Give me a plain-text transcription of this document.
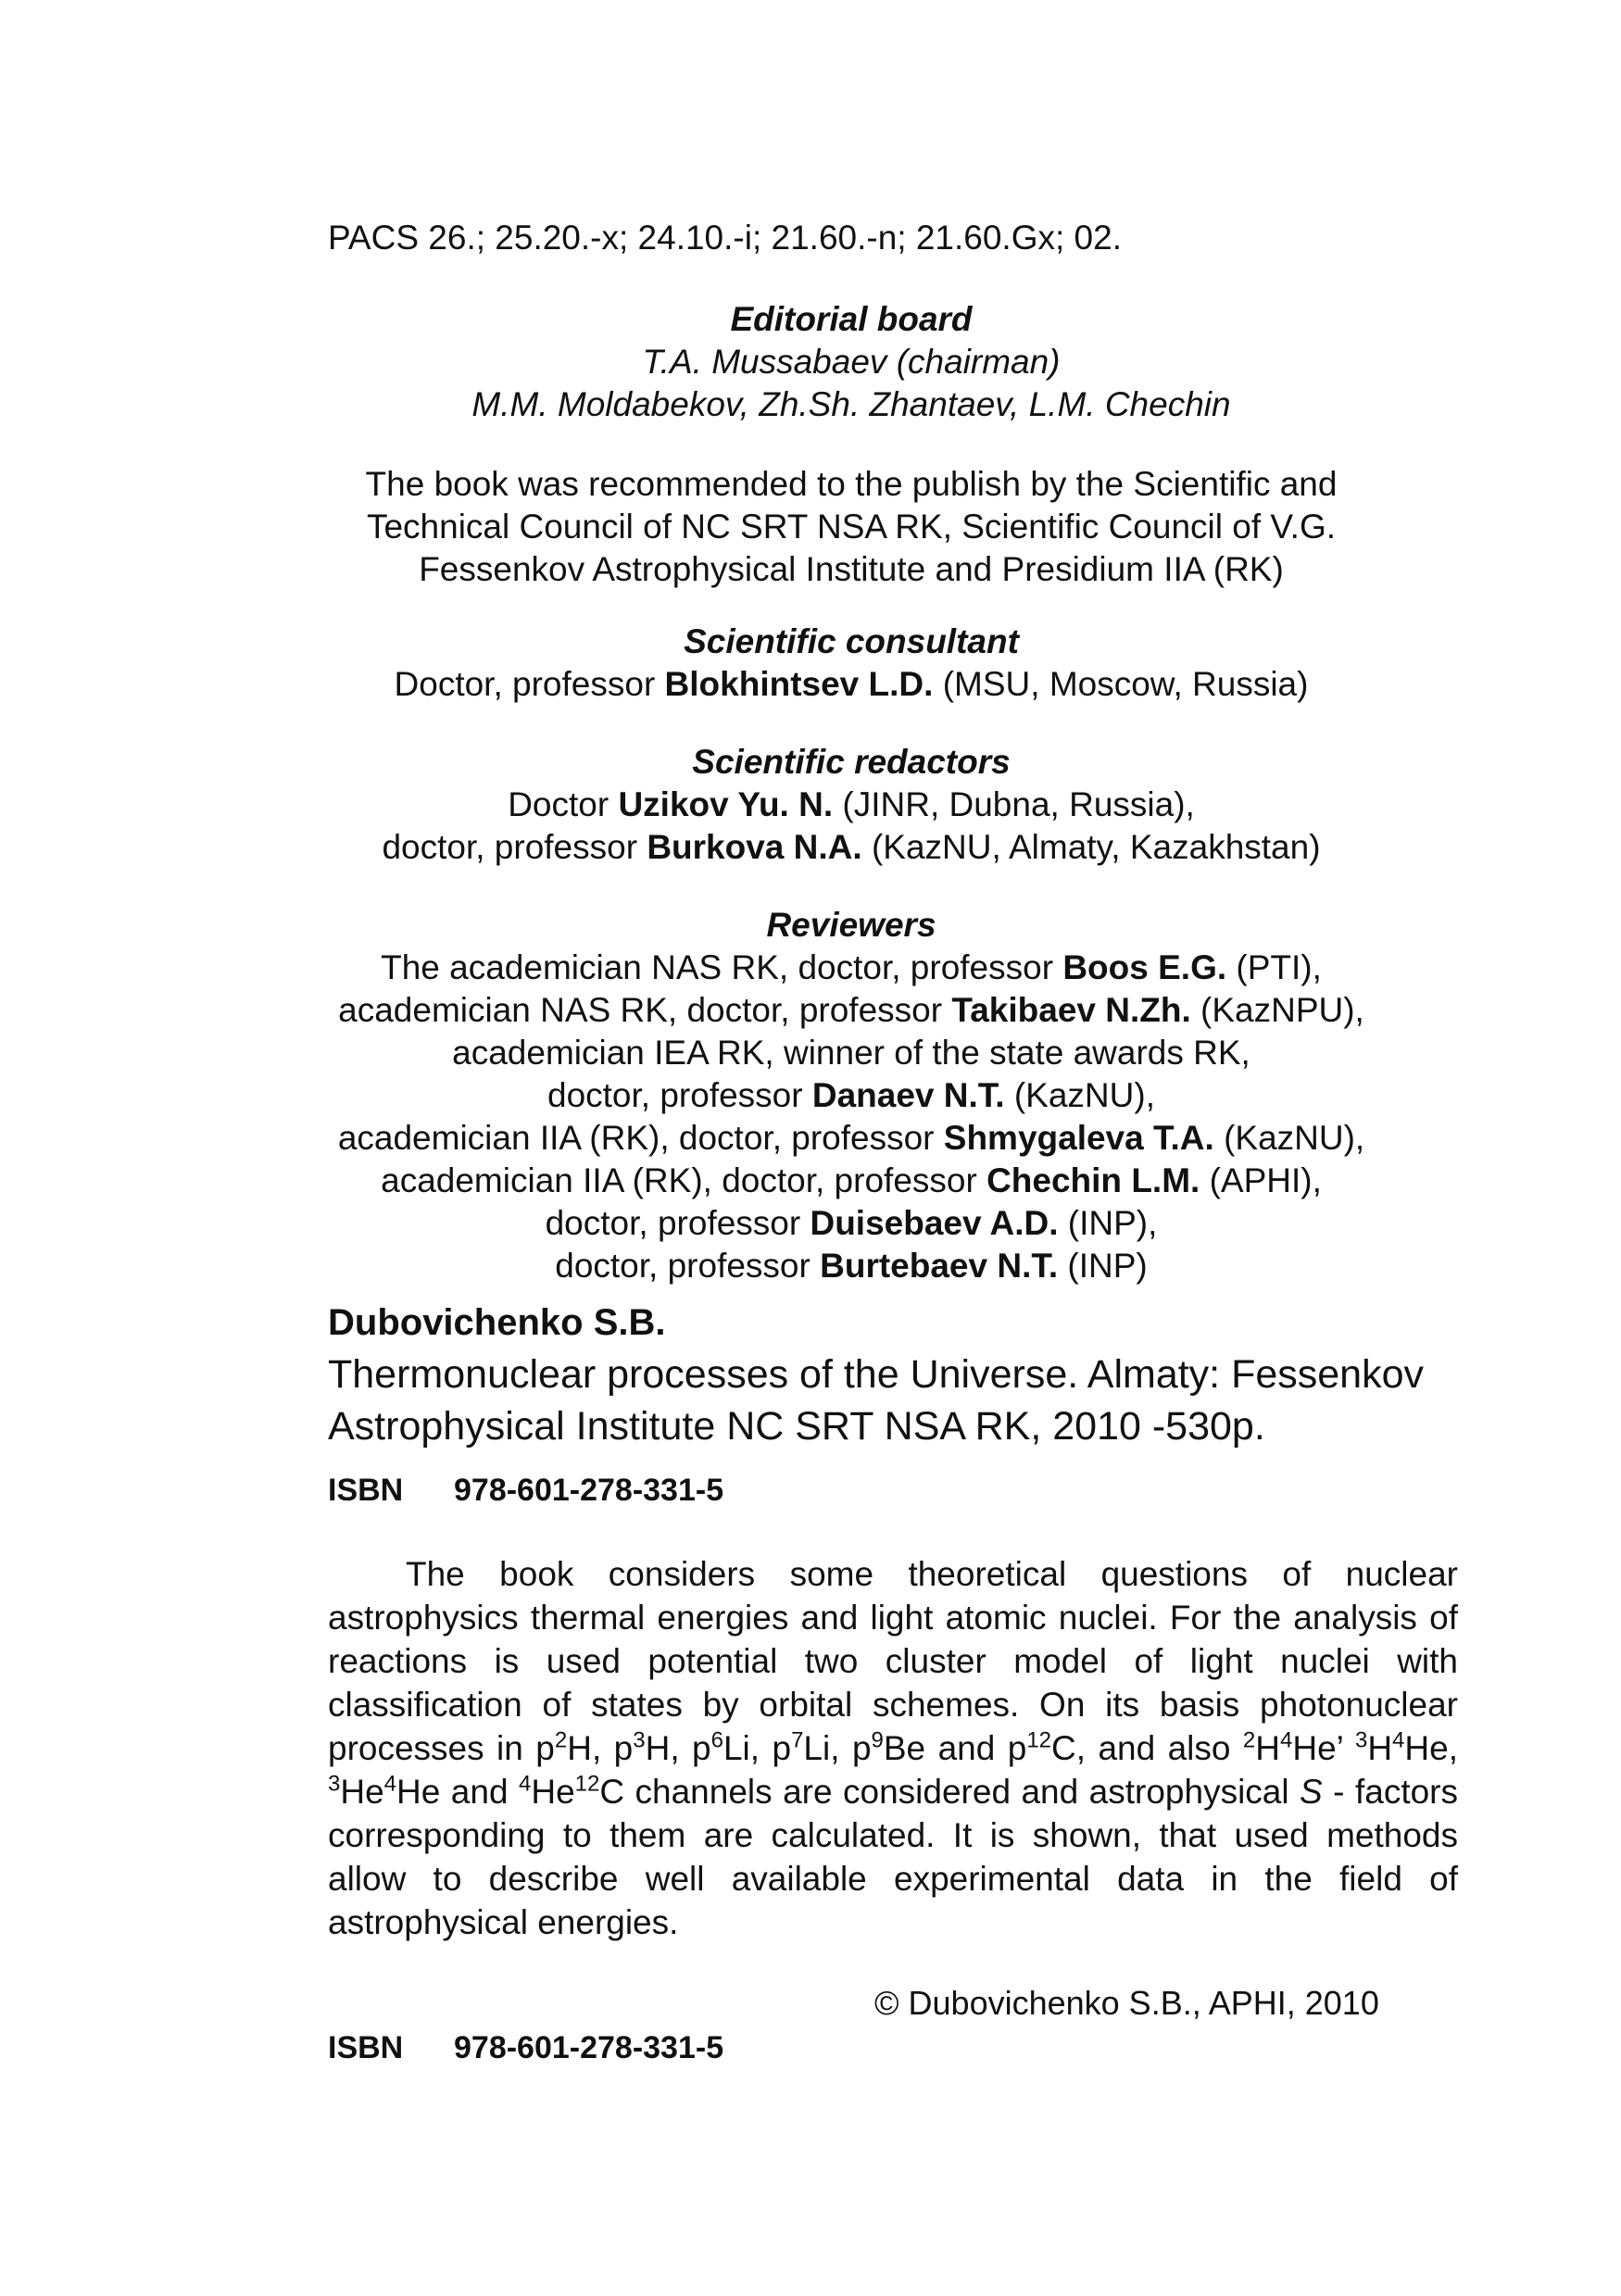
PACS 26.; 25.20.-x; 24.10.-i; 21.60.-n; 21.60.Gx; 02.
Editorial board
T.A. Mussabaev (chairman)
M.M. Moldabekov, Zh.Sh. Zhantaev, L.M. Chechin
The book was recommended to the publish by the Scientific and
Technical Council of NC SRT NSA RK, Scientific Council of V.G.
Fessenkov Astrophysical Institute and Presidium IIA (RK)
Scientific consultant
Doctor, professor Blokhintsev L.D. (MSU, Moscow, Russia)
Scientific redactors
Doctor Uzikov Yu. N. (JINR, Dubna, Russia),
doctor, professor Burkova N.A. (KazNU, Almaty, Kazakhstan)
Reviewers
The academician NAS RK, doctor, professor Boos E.G. (PTI),
academician NAS RK, doctor, professor Takibaev N.Zh. (KazNPU),
academician IEA RK, winner of the state awards RK,
doctor, professor Danaev N.T. (KazNU),
academician IIA (RK), doctor, professor Shmygaleva T.A. (KazNU),
academician IIA (RK), doctor, professor Chechin L.M. (APHI),
doctor, professor Duisebaev A.D. (INP),
doctor, professor Burtebaev N.T. (INP)
Dubovichenko S.B.
Thermonuclear processes of the Universe. Almaty: Fessenkov
Astrophysical Institute NC SRT NSA RK, 2010 -530p.
ISBN 978-601-278-331-5
The book considers some theoretical questions of nuclear astrophysics thermal energies and light atomic nuclei. For the analysis of reactions is used potential two cluster model of light nuclei with classification of states by orbital schemes. On its basis photonuclear processes in $p^2H$, $p^3H$, $p^6Li$, $p^7Li$, $p^9Be$ and $p^{12}C$, and also $^2H^4He$’ $^3H^4He$, $^3$He$^4$He and $^4$He$^{12}$C channels are considered and astrophysical S - factors corresponding to them are calculated. It is shown, that used methods allow to describe well available experimental data in the field of astrophysical energies.
© Dubovichenko S.B., APHI, 2010
ISBN 978-601-278-331-5
